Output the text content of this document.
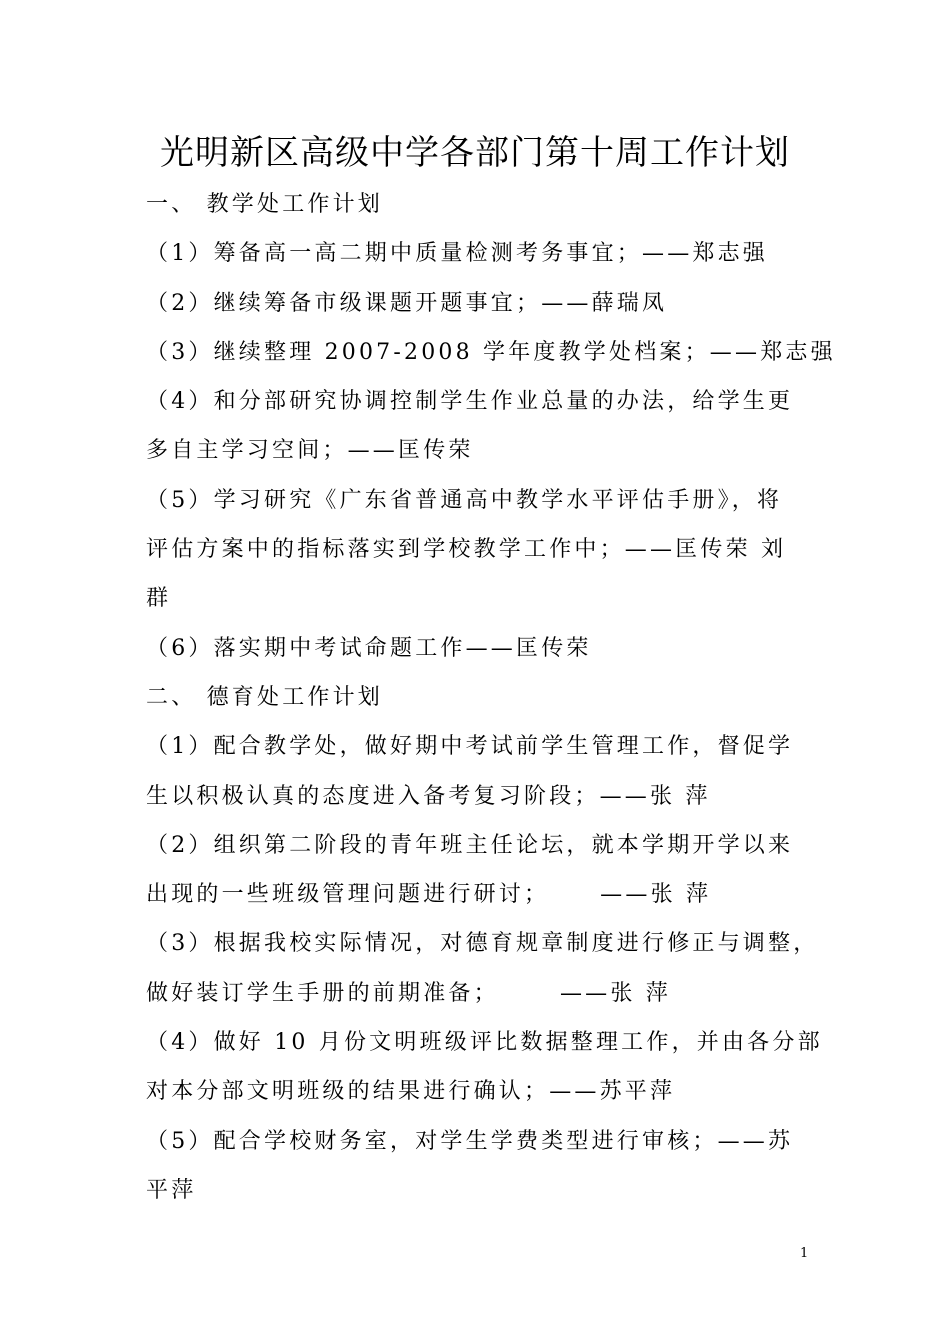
光明新区高级中学各部门第十周工作计划
一、 教学处工作计划
（1）筹备高一高二期中质量检测考务事宜；——郑志强
（2）继续筹备市级课题开题事宜；——薛瑞凤
（3）继续整理 2007-2008 学年度教学处档案；——郑志强
（4）和分部研究协调控制学生作业总量的办法，给学生更
多自主学习空间；——匡传荣
（5）学习研究《广东省普通高中教学水平评估手册》，将
评估方案中的指标落实到学校教学工作中；——匡传荣 刘
群
（6）落实期中考试命题工作——匡传荣
二、 德育处工作计划
（1）配合教学处，做好期中考试前学生管理工作，督促学
生以积极认真的态度进入备考复习阶段；——张 萍
（2）组织第二阶段的青年班主任论坛，就本学期开学以来
出现的一些班级管理问题进行研讨；     ——张 萍
（3）根据我校实际情况，对德育规章制度进行修正与调整，
做好装订学生手册的前期准备；      ——张 萍
（4）做好 10 月份文明班级评比数据整理工作，并由各分部
对本分部文明班级的结果进行确认；——苏平萍
（5）配合学校财务室，对学生学费类型进行审核；——苏
平萍
1
